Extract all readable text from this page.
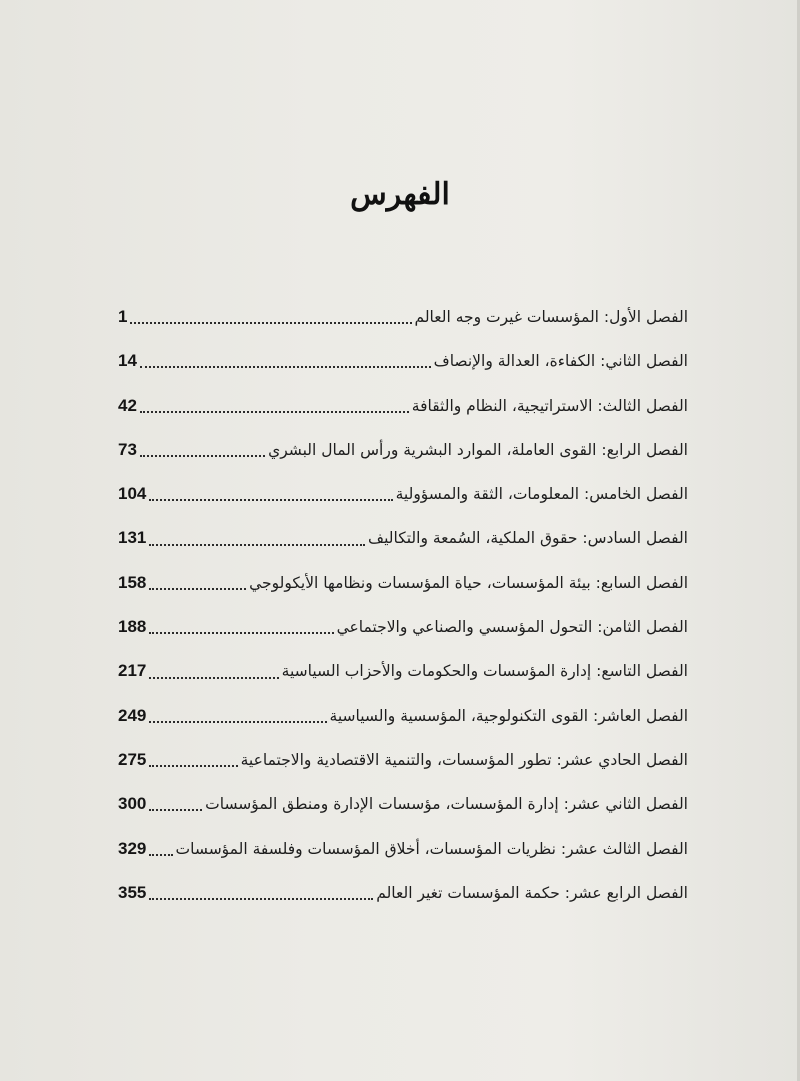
الفهرس
الفصل الأول: المؤسسات غيرت وجه العالم
1
الفصل الثاني: الكفاءة، العدالة والإنصاف
14
الفصل الثالث: الاستراتيجية، النظام والثقافة
42
الفصل الرابع: القوى العاملة، الموارد البشرية ورأس المال البشري
73
الفصل الخامس: المعلومات، الثقة والمسؤولية
104
الفصل السادس: حقوق الملكية، السُمعة والتكاليف
131
الفصل السابع: بيئة المؤسسات، حياة المؤسسات ونظامها الأيكولوجي
158
الفصل الثامن: التحول المؤسسي والصناعي والاجتماعي
188
الفصل التاسع: إدارة المؤسسات والحكومات والأحزاب السياسية
217
الفصل العاشر: القوى التكنولوجية، المؤسسية والسياسية
249
الفصل الحادي عشر: تطور المؤسسات، والتنمية الاقتصادية والاجتماعية
275
الفصل الثاني عشر: إدارة المؤسسات، مؤسسات الإدارة ومنطق المؤسسات
300
الفصل الثالث عشر: نظريات المؤسسات، أخلاق المؤسسات وفلسفة المؤسسات
329
الفصل الرابع عشر: حكمة المؤسسات تغير العالم
355
